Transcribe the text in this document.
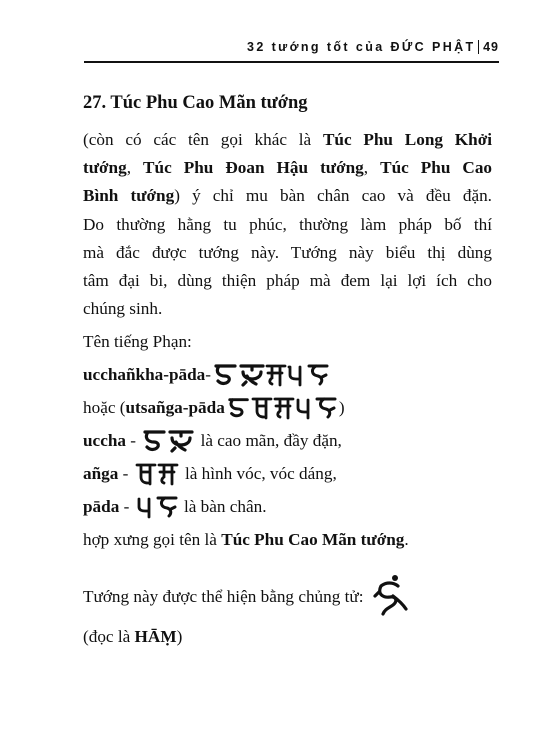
32 tướng tốt của ĐỨC PHẬT 49
27. Túc Phu Cao Mãn tướng
(còn có các tên gọi khác là Túc Phu Long Khởi
tướng, Túc Phu Đoan Hậu tướng, Túc Phu Cao
Bình tướng) ý chỉ mu bàn chân cao và đều đặn.
Do thường hằng tu phúc, thường làm pháp bố thí
mà đắc được tướng này. Tướng này biểu thị dùng
tâm đại bi, dùng thiện pháp mà đem lại lợi ích cho
chúng sinh.
Tên tiếng Phạn:
ucchañkha-pāda -
hoặc ( utsañga-pāda	)
uccha -	là cao mãn, đầy đặn,
añga -	là hình vóc, vóc dáng,
pāda -	là bàn chân.
hợp xưng gọi tên là Túc Phu Cao Mãn tướng .
Tướng này được thể hiện bằng chủng tử:
(đọc là HĀṂ)
